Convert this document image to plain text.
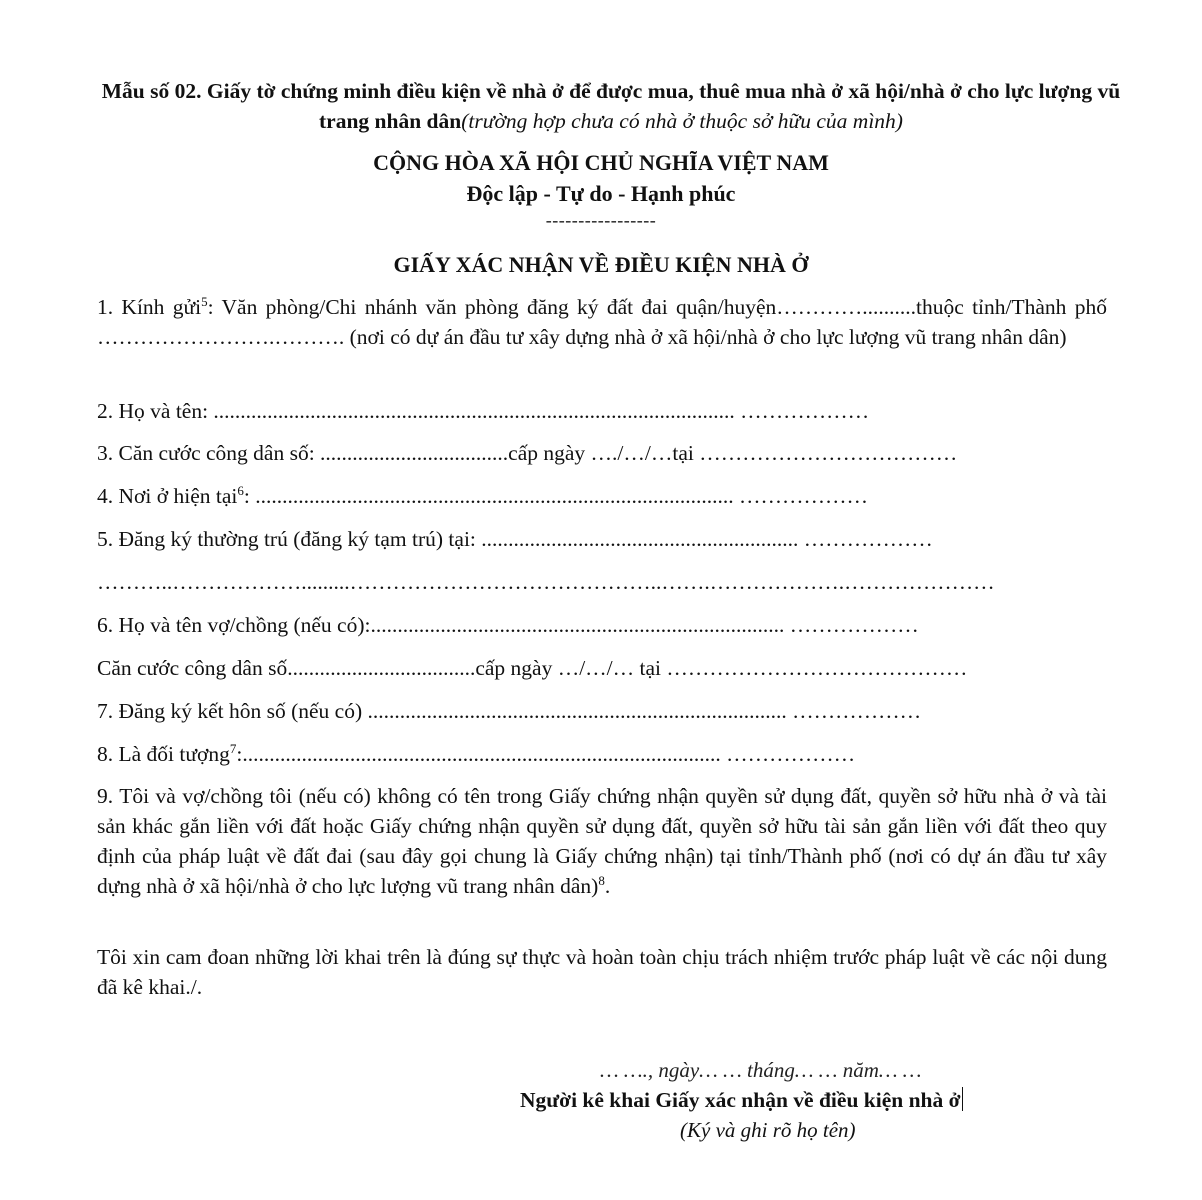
Mẫu số 02. Giấy tờ chứng minh điều kiện về nhà ở để được mua, thuê mua nhà ở xã hội/nhà ở cho lực lượng vũ trang nhân dân(trường hợp chưa có nhà ở thuộc sở hữu của mình)

CỘNG HÒA XÃ HỘI CHỦ NGHĨA VIỆT NAM
Độc lập - Tự do - Hạnh phúc
-----------------
GIẤY XÁC NHẬN VỀ ĐIỀU KIỆN NHÀ Ở
1. Kính gửi$^5$: Văn phòng/Chi nhánh văn phòng đăng ký đất đai quận/huyện…………..........thuộc tỉnh/Thành phố …………………….………. (nơi có dự án đầu tư xây dựng nhà ở xã hội/nhà ở cho lực lượng vũ trang nhân dân)
2. Họ và tên: ................................................................................................. ………………
3. Căn cước công dân số: ...................................cấp ngày …./…/…tại ………………………………
4. Nơi ở hiện tại$^6$: ......................................................................................... ………………
5. Đăng ký thường trú (đăng ký tạm trú) tại: ........................................................... ………………
………..……………….........……………………………………..…….……………….…………………
6. Họ và tên vợ/chồng (nếu có):............................................................................. ………………
Căn cước công dân số...................................cấp ngày …/…/… tại ……………………………………
7. Đăng ký kết hôn số (nếu có) .............................................................................. ………………
8. Là đối tượng$^7$:......................................................................................... ………………
9. Tôi và vợ/chồng tôi (nếu có) không có tên trong Giấy chứng nhận quyền sử dụng đất, quyền sở hữu nhà ở và tài sản khác gắn liền với đất hoặc Giấy chứng nhận quyền sử dụng đất, quyền sở hữu tài sản gắn liền với đất theo quy định của pháp luật về đất đai (sau đây gọi chung là Giấy chứng nhận) tại tỉnh/Thành phố (nơi có dự án đầu tư xây dựng nhà ở xã hội/nhà ở cho lực lượng vũ trang nhân dân)$^8$.
Tôi xin cam đoan những lời khai trên là đúng sự thực và hoàn toàn chịu trách nhiệm trước pháp luật về các nội dung đã kê khai./.
… …., ngày… … tháng… … năm… …
Người kê khai Giấy xác nhận về điều kiện nhà ở
(Ký và ghi rõ họ tên)
